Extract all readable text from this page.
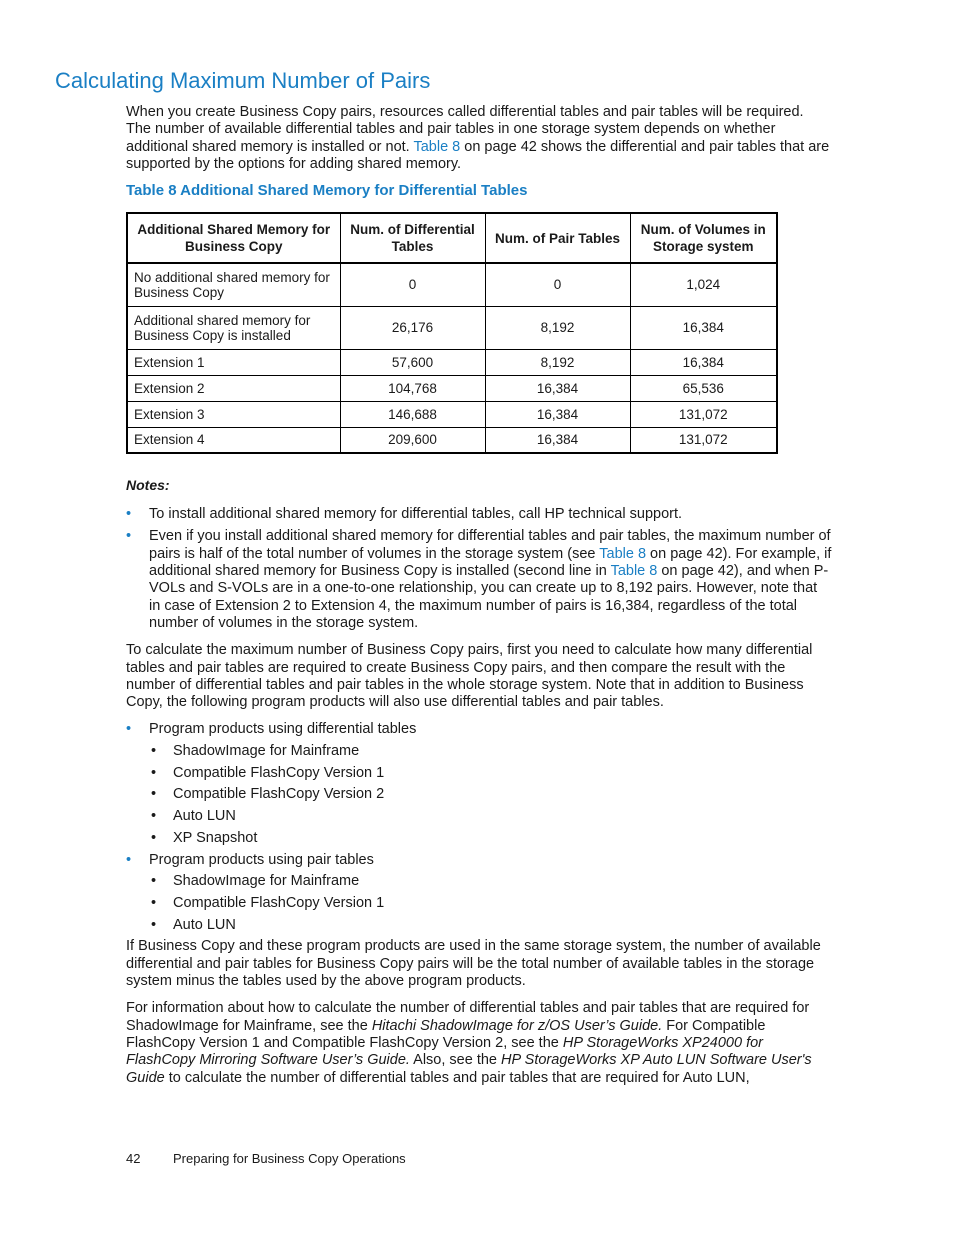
Calculating Maximum Number of Pairs

When you create Business Copy pairs, resources called differential tables and pair tables will be required. The number of available differential tables and pair tables in one storage system depends on whether additional shared memory is installed or not. Table 8 on page 42 shows the differential and pair tables that are supported by the options for adding shared memory.

Table 8 Additional Shared Memory for Differential Tables
Additional Shared Memory for Business Copy	Num. of Differential Tables	Num. of Pair Tables	Num. of Volumes in Storage system
No additional shared memory for Business Copy	0	0	1,024
Additional shared memory for Business Copy is installed	26,176	8,192	16,384
Extension 1	57,600	8,192	16,384
Extension 2	104,768	16,384	65,536
Extension 3	146,688	16,384	131,072
Extension 4	209,600	16,384	131,072
Notes:
• To install additional shared memory for differential tables, call HP technical support.
• Even if you install additional shared memory for differential tables and pair tables, the maximum number of pairs is half of the total number of volumes in the storage system (see Table 8 on page 42). For example, if additional shared memory for Business Copy is installed (second line in Table 8 on page 42), and when P-VOLs and S-VOLs are in a one-to-one relationship, you can create up to 8,192 pairs. However, note that in case of Extension 2 to Extension 4, the maximum number of pairs is 16,384, regardless of the total number of volumes in the storage system.

To calculate the maximum number of Business Copy pairs, first you need to calculate how many differential tables and pair tables are required to create Business Copy pairs, and then compare the result with the number of differential tables and pair tables in the whole storage system. Note that in addition to Business Copy, the following program products will also use differential tables and pair tables.

• Program products using differential tables
• ShadowImage for Mainframe
• Compatible FlashCopy Version 1
• Compatible FlashCopy Version 2
• Auto LUN
• XP Snapshot
• Program products using pair tables
• ShadowImage for Mainframe
• Compatible FlashCopy Version 1
• Auto LUN

If Business Copy and these program products are used in the same storage system, the number of available differential and pair tables for Business Copy pairs will be the total number of available tables in the storage system minus the tables used by the above program products.

For information about how to calculate the number of differential tables and pair tables that are required for ShadowImage for Mainframe, see the Hitachi ShadowImage for z/OS User’s Guide. For Compatible FlashCopy Version 1 and Compatible FlashCopy Version 2, see the HP StorageWorks XP24000 for FlashCopy Mirroring Software User’s Guide. Also, see the HP StorageWorks XP Auto LUN Software User's Guide to calculate the number of differential tables and pair tables that are required for Auto LUN,

42	Preparing for Business Copy Operations
